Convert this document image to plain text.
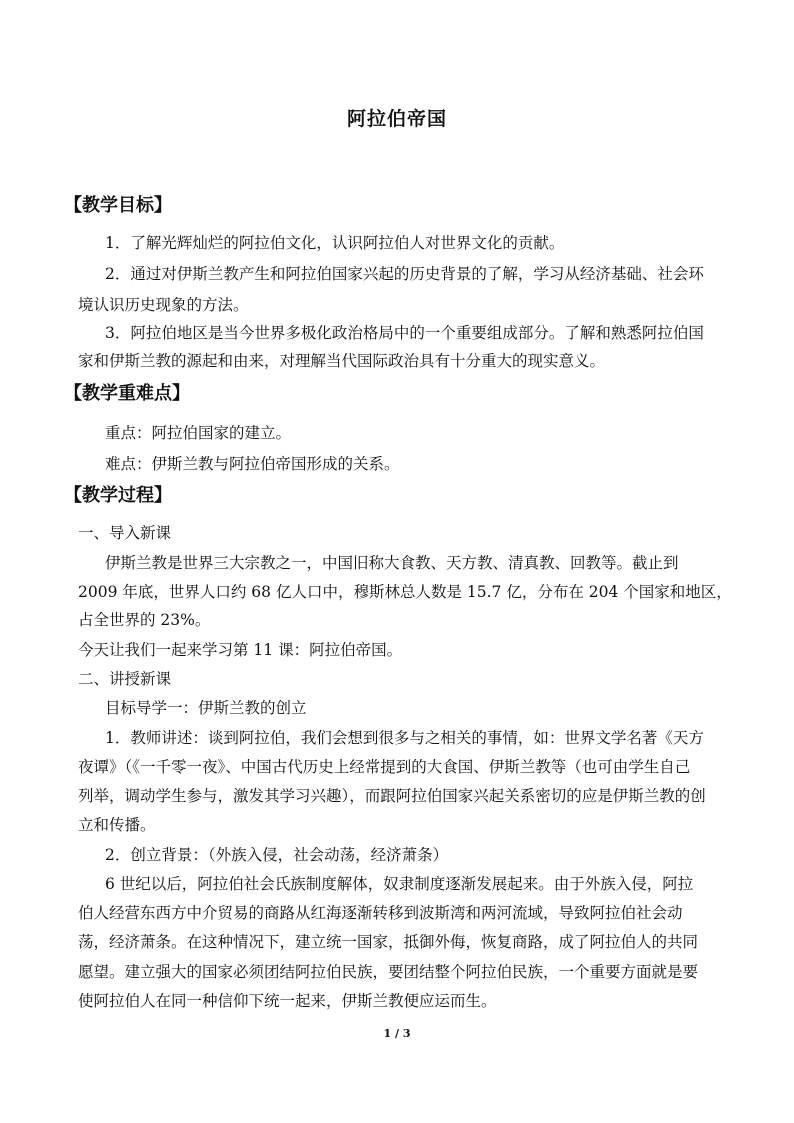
阿拉伯帝国
【教学目标】
1．了解光辉灿烂的阿拉伯文化，认识阿拉伯人对世界文化的贡献。
2．通过对伊斯兰教产生和阿拉伯国家兴起的历史背景的了解，学习从经济基础、社会环
境认识历史现象的方法。
3．阿拉伯地区是当今世界多极化政治格局中的一个重要组成部分。了解和熟悉阿拉伯国
家和伊斯兰教的源起和由来，对理解当代国际政治具有十分重大的现实意义。
【教学重难点】
重点：阿拉伯国家的建立。
难点：伊斯兰教与阿拉伯帝国形成的关系。
【教学过程】
一、导入新课
伊斯兰教是世界三大宗教之一，中国旧称大食教、天方教、清真教、回教等。截止到
2009 年底，世界人口约 68 亿人口中，穆斯林总人数是 15.7 亿，分布在 204 个国家和地区，
占全世界的 23%。
今天让我们一起来学习第 11 课：阿拉伯帝国。
二、讲授新课
目标导学一：伊斯兰教的创立
1．教师讲述：谈到阿拉伯，我们会想到很多与之相关的事情，如：世界文学名著《天方
夜谭》（《一千零一夜》、中国古代历史上经常提到的大食国、伊斯兰教等（也可由学生自己
列举，调动学生参与，激发其学习兴趣），而跟阿拉伯国家兴起关系密切的应是伊斯兰教的创
立和传播。
2．创立背景：（外族入侵，社会动荡，经济萧条）
6 世纪以后，阿拉伯社会氏族制度解体，奴隶制度逐渐发展起来。由于外族入侵，阿拉
伯人经营东西方中介贸易的商路从红海逐渐转移到波斯湾和两河流域，导致阿拉伯社会动
荡，经济萧条。在这种情况下，建立统一国家，抵御外侮，恢复商路，成了阿拉伯人的共同
愿望。建立强大的国家必须团结阿拉伯民族，要团结整个阿拉伯民族，一个重要方面就是要
使阿拉伯人在同一种信仰下统一起来，伊斯兰教便应运而生。
1 / 3
